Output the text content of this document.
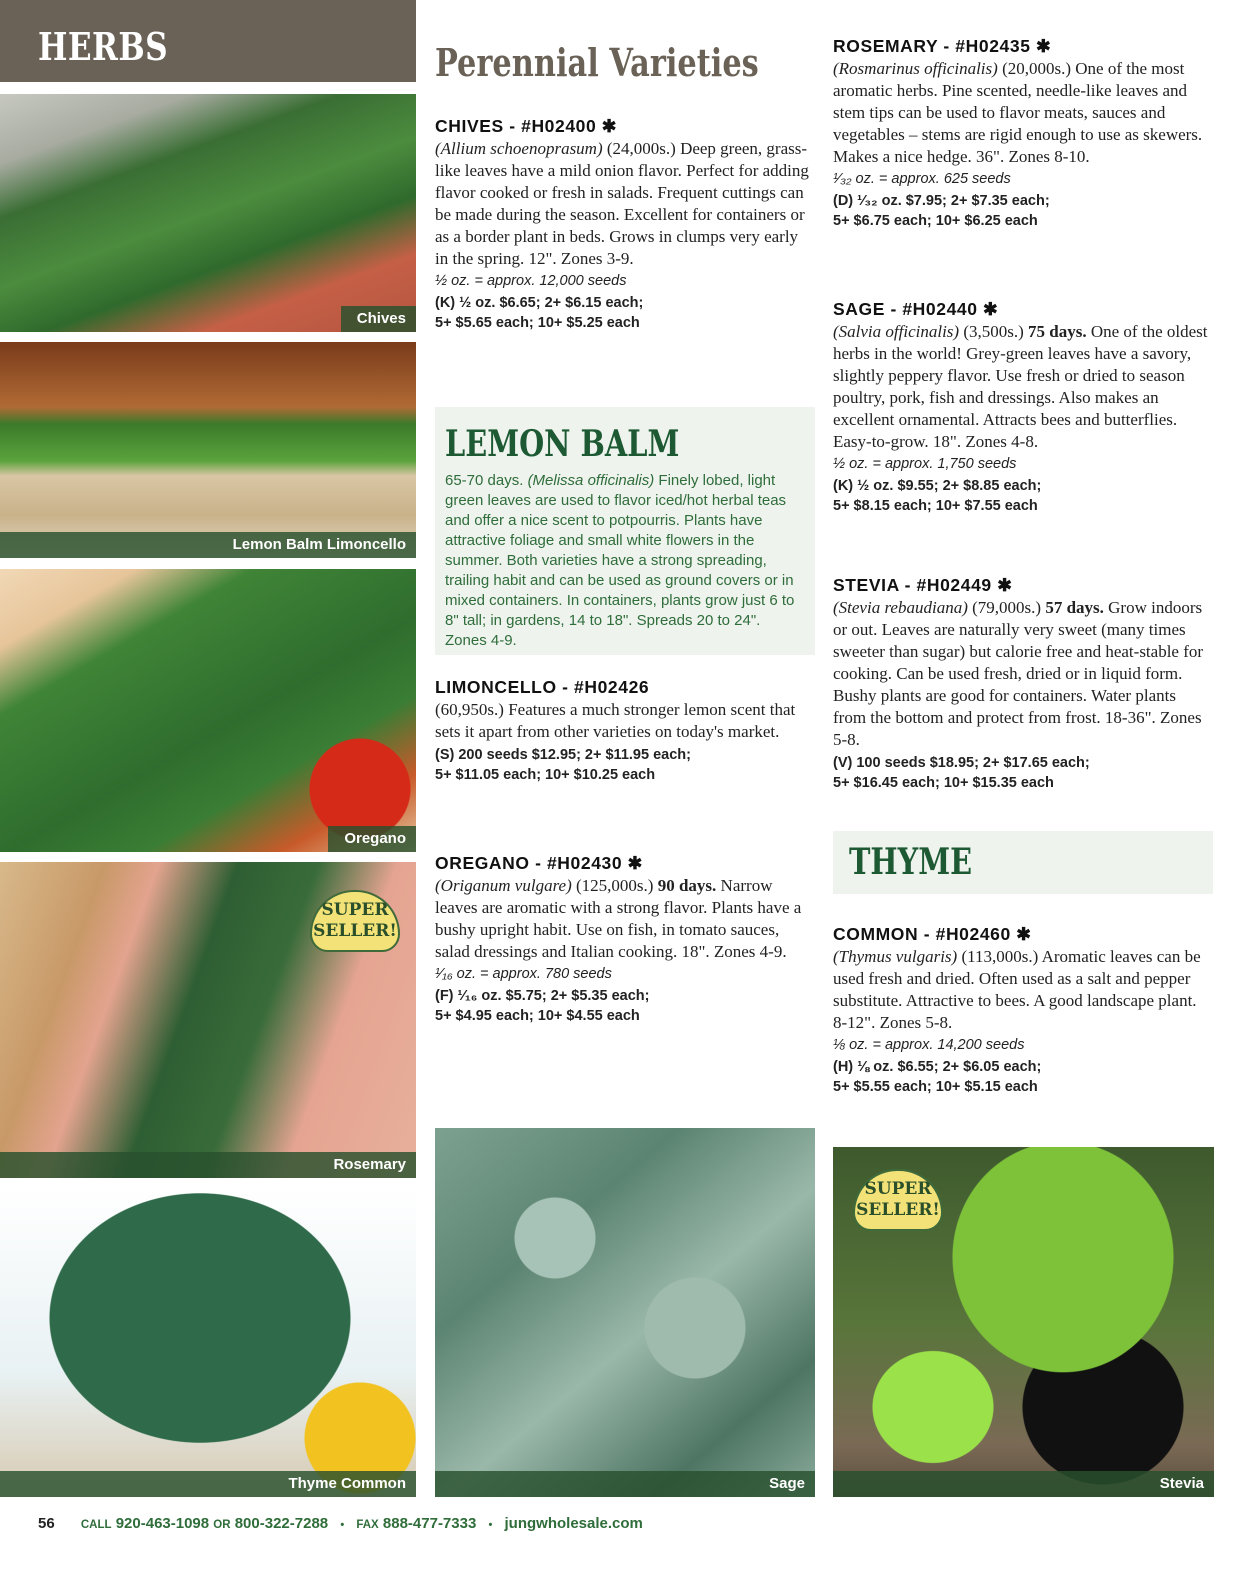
HERBS
Chives
Lemon Balm Limoncello
Oregano
SUPER
SELLER!
Rosemary
Thyme Common
Perennial Varieties
CHIVES - #H02400 ✱

(Allium schoenoprasum) (24,000s.) Deep green, grass-like leaves have a mild onion flavor. Perfect for adding flavor cooked or fresh in salads. Frequent cuttings can be made during the season. Excellent for containers or as a border plant in beds. Grows in clumps very early in the spring. 12". Zones 3-9.

½ oz. = approx. 12,000 seeds

(K) ½ oz. $6.65; 2+ $6.15 each;

5+ $5.65 each; 10+ $5.25 each

LEMON BALM

65-70 days. (Melissa officinalis) Finely lobed, light green leaves are used to flavor iced/hot herbal teas and offer a nice scent to potpourris. Plants have attractive foliage and small white flowers in the summer. Both varieties have a strong spreading, trailing habit and can be used as ground covers or in mixed containers. In containers, plants grow just 6 to 8" tall; in gardens, 14 to 18". Spreads 20 to 24". Zones 4-9.

LIMONCELLO - #H02426

(60,950s.) Features a much stronger lemon scent that sets it apart from other varieties on today's market.

(S) 200 seeds $12.95; 2+ $11.95 each;

5+ $11.05 each; 10+ $10.25 each

OREGANO - #H02430 ✱

(Origanum vulgare) (125,000s.) 90 days. Narrow leaves are aromatic with a strong flavor. Plants have a bushy upright habit. Use on fish, in tomato sauces, salad dressings and Italian cooking. 18". Zones 4-9.

¹⁄₁₆ oz. = approx. 780 seeds

(F) ¹⁄₁₆ oz. $5.75; 2+ $5.35 each;

5+ $4.95 each; 10+ $4.55 each

Sage
ROSEMARY - #H02435 ✱

(Rosmarinus officinalis) (20,000s.) One of the most aromatic herbs. Pine scented, needle-like leaves and stem tips can be used to flavor meats, sauces and vegetables – stems are rigid enough to use as skewers. Makes a nice hedge. 36". Zones 8-10.

¹⁄₃₂ oz. = approx. 625 seeds

(D) ¹⁄₃₂ oz. $7.95; 2+ $7.35 each;

5+ $6.75 each; 10+ $6.25 each

SAGE - #H02440 ✱

(Salvia officinalis) (3,500s.) 75 days. One of the oldest herbs in the world! Grey-green leaves have a savory, slightly peppery flavor. Use fresh or dried to season poultry, pork, fish and dressings. Also makes an excellent ornamental. Attracts bees and butterflies. Easy-to-grow. 18". Zones 4-8.

½ oz. = approx. 1,750 seeds

(K) ½ oz. $9.55; 2+ $8.85 each;

5+ $8.15 each; 10+ $7.55 each

STEVIA - #H02449 ✱

(Stevia rebaudiana) (79,000s.) 57 days. Grow indoors or out. Leaves are naturally very sweet (many times sweeter than sugar) but calorie free and heat-stable for cooking. Can be used fresh, dried or in liquid form. Bushy plants are good for containers. Water plants from the bottom and protect from frost. 18-36". Zones 5-8.

(V) 100 seeds $18.95; 2+ $17.65 each;

5+ $16.45 each; 10+ $15.35 each

THYME
COMMON - #H02460 ✱

(Thymus vulgaris) (113,000s.) Aromatic leaves can be used fresh and dried. Often used as a salt and pepper substitute. Attractive to bees. A good landscape plant. 8-12". Zones 5-8.

⅛ oz. = approx. 14,200 seeds

(H) ⅛ oz. $6.55; 2+ $6.05 each;

5+ $5.55 each; 10+ $5.15 each

SUPER
SELLER!
Stevia
56 CALL 920-463-1098 OR 800-322-7288 • FAX 888-477-7333 • jungwholesale.com
